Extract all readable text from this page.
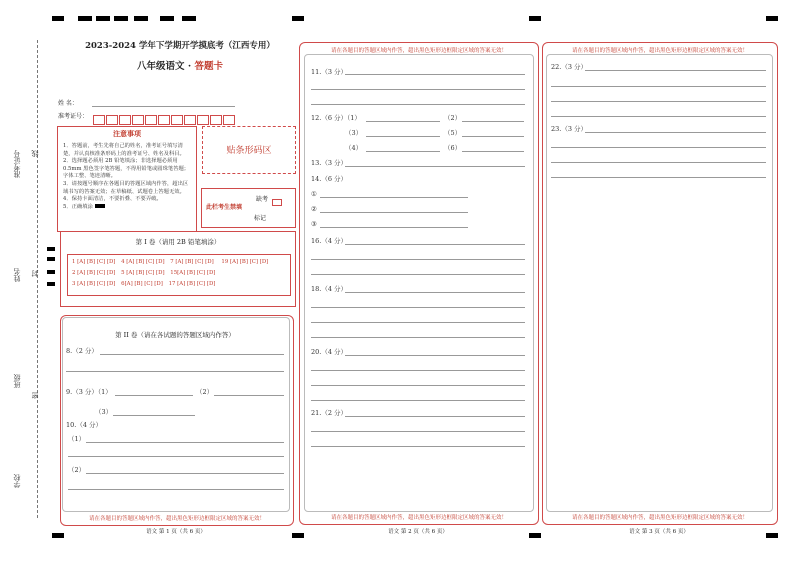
准考证号 线
姓名 封
班级
密
学校
2023-2024 学年下学期开学摸底考（江西专用）
八年级语文 · 答题卡
姓 名：
准考证号：
注意事项
1．答题前，考生先将自己的姓名，准考证号填写清楚，并认真核准条形码上的准考证号、姓名及科目。
2．选择题必须用 2B 铅笔填涂；非选择题必须用 0.5mm 黑色签字笔答题，不得用铅笔或圆珠笔答题；字体工整、笔迹清晰。
3．请按题号顺序在各题目的答题区域内作答，超出区域书写的答案无效；在草稿纸、试题卷上答题无效。
4．保持卡面清洁，不要折叠、不要弄破。
5．正确填涂
贴条形码区
此栏考生禁填
缺考
标记
第 I 卷（请用 2B 铅笔填涂）
1 [A] [B] [C] [D] 4 [A] [B] [C] [D] 7 [A] [B] [C] [D] 19 [A] [B] [C] [D]
2 [A] [B] [C] [D] 5 [A] [B] [C] [D] 15[A] [B] [C] [D]
3 [A] [B] [C] [D] 6[A] [B] [C] [D] 17 [A] [B] [C] [D]
请在各题目的答题区域内作答，超出黑色矩形边框限定区域的答案无效！
第 II 卷（请在各试题的答题区域内作答）
8.（2 分）
9.（3 分）（1）	（2）
（3）
10.（4 分）
（1）
（2）
语文 第 1 页（共 6 页）
请在各题目的答题区域内作答，超出黑色矩形边框限定区域的答案无效！
请在各题目的答题区域内作答，超出黑色矩形边框限定区域的答案无效！
11.（3 分）
12.（6 分）（1）	（2）
（3）	（5）
（4）	（6）
13.（3 分）
14.（6 分）
①
②
③
16.（4 分）
18.（4 分）
20.（4 分）
21.（2 分）
语文 第 2 页（共 6 页）
请在各题目的答题区域内作答，超出黑色矩形边框限定区域的答案无效！
请在各题目的答题区域内作答，超出黑色矩形边框限定区域的答案无效！
22.（3 分）
23.（3 分）
语文 第 3 页（共 6 页）
